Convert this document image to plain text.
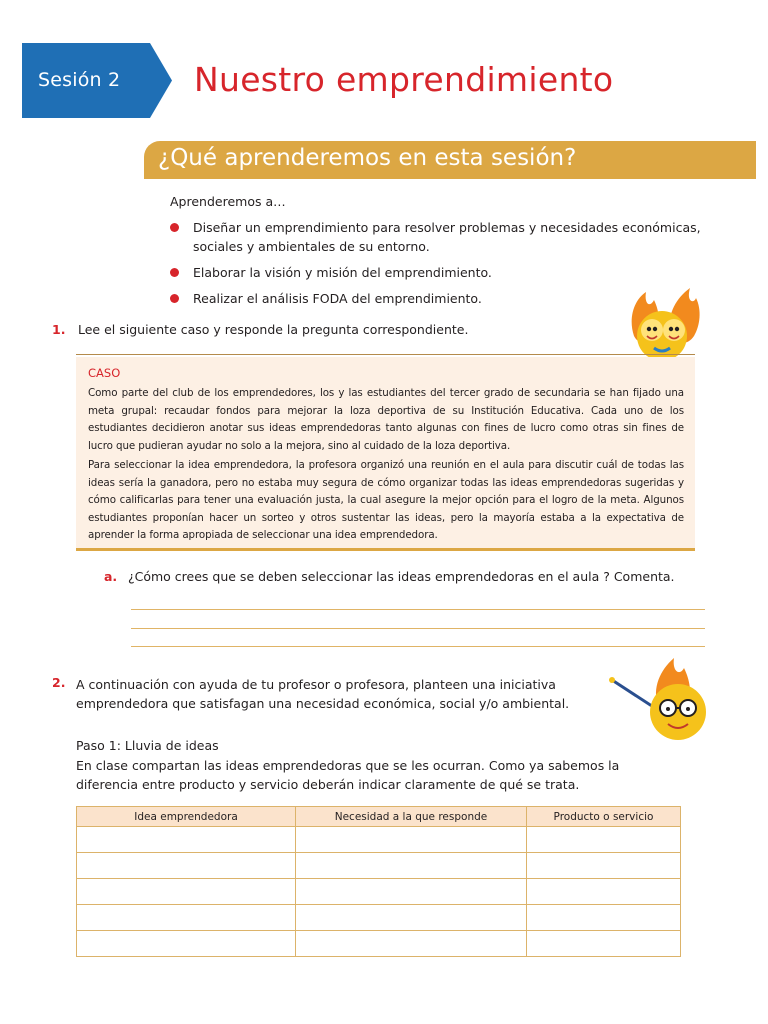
Sesión 2 Nuestro emprendimiento
¿Qué aprenderemos en esta sesión?
Aprenderemos a…
Diseñar un emprendimiento para resolver problemas y necesidades económicas, sociales y ambientales de su entorno.
Elaborar la visión y misión del emprendimiento.
Realizar el análisis FODA del emprendimiento.
1. Lee el siguiente caso y responde la pregunta correspondiente.
CASO

Como parte del club de los emprendedores, los y las estudiantes del tercer grado de secundaria se han fijado una meta grupal: recaudar fondos para mejorar la loza deportiva de su Institución Educativa. Cada uno de los estudiantes decidieron anotar sus ideas emprendedoras tanto algunas con fines de lucro como otras sin fines de lucro que pudieran ayudar no solo a la mejora, sino al cuidado de la loza deportiva.

Para seleccionar la idea emprendedora, la profesora organizó una reunión en el aula para discutir cuál de todas las ideas sería la ganadora, pero no estaba muy segura de cómo organizar todas las ideas emprendedoras sugeridas y cómo calificarlas para tener una evaluación justa, la cual asegure la mejor opción para el logro de la meta. Algunos estudiantes proponían hacer un sorteo y otros sustentar las ideas, pero la mayoría estaba a la expectativa de aprender la forma apropiada de seleccionar una idea emprendedora.

a. ¿Cómo crees que se deben seleccionar las ideas emprendedoras en el aula ? Comenta.
2. A continuación con ayuda de tu profesor o profesora, planteen una iniciativa emprendedora que satisfagan una necesidad económica, social y/o ambiental.
Paso 1: Lluvia de ideas
En clase compartan las ideas emprendedoras que se les ocurran. Como ya sabemos la diferencia entre producto y servicio deberán indicar claramente de qué se trata.
Idea emprendedora	Necesidad a la que responde	Producto o servicio
